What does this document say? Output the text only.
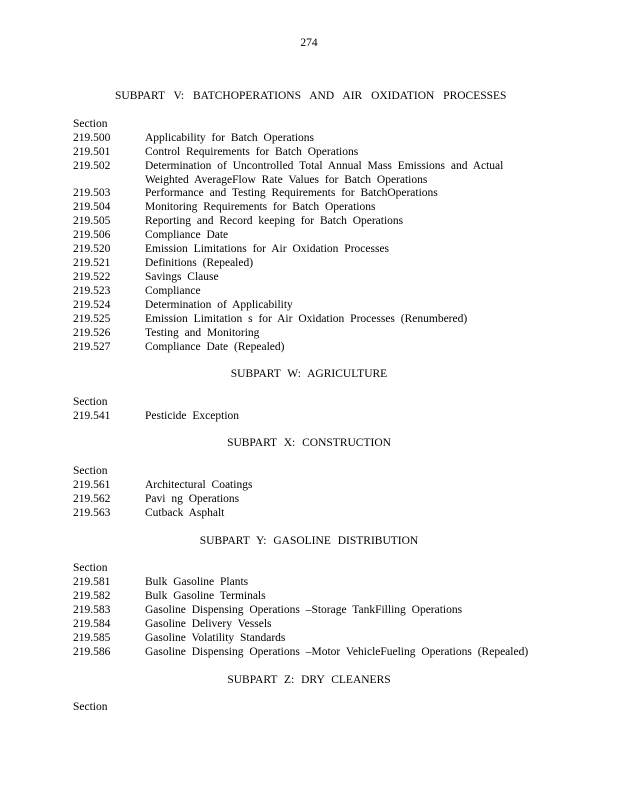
274
SUBPART V: BATCHOPERATIONS AND AIR OXIDATION PROCESSES
Section
219.500	Applicability for Batch Operations
219.501	Control Requirements for Batch Operations
219.502	Determination of Uncontrolled Total Annual Mass Emissions and Actual
Weighted AverageFlow Rate Values for Batch Operations
219.503	Performance and Testing Requirements for BatchOperations
219.504	Monitoring Requirements for Batch Operations
219.505	Reporting and Record keeping for Batch Operations
219.506	Compliance Date
219.520	Emission Limitations for Air Oxidation Processes
219.521	Definitions (Repealed)
219.522	Savings Clause
219.523	Compliance
219.524	Determination of Applicability
219.525	Emission Limitation s for Air Oxidation Processes (Renumbered)
219.526	Testing and Monitoring
219.527	Compliance Date (Repealed)
SUBPART W: AGRICULTURE
Section
219.541	Pesticide Exception
SUBPART X: CONSTRUCTION
Section
219.561	Architectural Coatings
219.562	Pavi ng Operations
219.563	Cutback Asphalt
SUBPART Y: GASOLINE DISTRIBUTION
Section
219.581	Bulk Gasoline Plants
219.582	Bulk Gasoline Terminals
219.583	Gasoline Dispensing Operations –Storage TankFilling Operations
219.584	Gasoline Delivery Vessels
219.585	Gasoline Volatility Standards
219.586	Gasoline Dispensing Operations –Motor VehicleFueling Operations (Repealed)
SUBPART Z: DRY CLEANERS
Section
